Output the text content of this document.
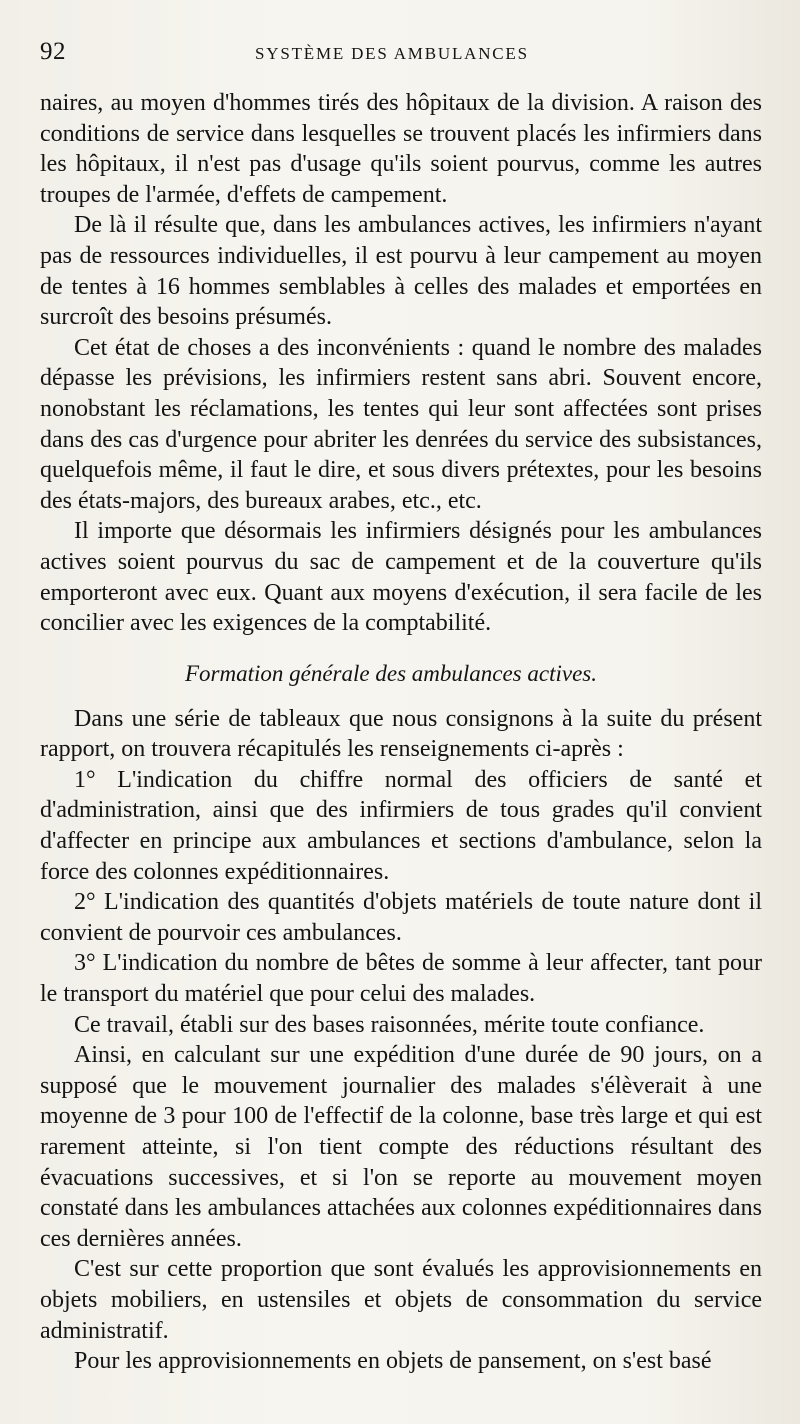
92	SYSTÈME DES AMBULANCES

naires, au moyen d'hommes tirés des hôpitaux de la division. A raison des conditions de service dans lesquelles se trouvent placés les infirmiers dans les hôpitaux, il n'est pas d'usage qu'ils soient pourvus, comme les autres troupes de l'armée, d'effets de campement.

De là il résulte que, dans les ambulances actives, les infirmiers n'ayant pas de ressources individuelles, il est pourvu à leur campement au moyen de tentes à 16 hommes semblables à celles des malades et emportées en surcroît des besoins présumés.

Cet état de choses a des inconvénients : quand le nombre des malades dépasse les prévisions, les infirmiers restent sans abri. Souvent encore, nonobstant les réclamations, les tentes qui leur sont affectées sont prises dans des cas d'urgence pour abriter les denrées du service des subsistances, quelquefois même, il faut le dire, et sous divers prétextes, pour les besoins des états-majors, des bureaux arabes, etc., etc.

Il importe que désormais les infirmiers désignés pour les ambulances actives soient pourvus du sac de campement et de la couverture qu'ils emporteront avec eux. Quant aux moyens d'exécution, il sera facile de les concilier avec les exigences de la comptabilité.

Formation générale des ambulances actives.

Dans une série de tableaux que nous consignons à la suite du présent rapport, on trouvera récapitulés les renseignements ci-après :

1° L'indication du chiffre normal des officiers de santé et d'administration, ainsi que des infirmiers de tous grades qu'il convient d'affecter en principe aux ambulances et sections d'ambulance, selon la force des colonnes expéditionnaires.

2° L'indication des quantités d'objets matériels de toute nature dont il convient de pourvoir ces ambulances.

3° L'indication du nombre de bêtes de somme à leur affecter, tant pour le transport du matériel que pour celui des malades.

Ce travail, établi sur des bases raisonnées, mérite toute confiance.

Ainsi, en calculant sur une expédition d'une durée de 90 jours, on a supposé que le mouvement journalier des malades s'élèverait à une moyenne de 3 pour 100 de l'effectif de la colonne, base très large et qui est rarement atteinte, si l'on tient compte des réductions résultant des évacuations successives, et si l'on se reporte au mouvement moyen constaté dans les ambulances attachées aux colonnes expéditionnaires dans ces dernières années.

C'est sur cette proportion que sont évalués les approvisionnements en objets mobiliers, en ustensiles et objets de consommation du service administratif.

Pour les approvisionnements en objets de pansement, on s'est basé
